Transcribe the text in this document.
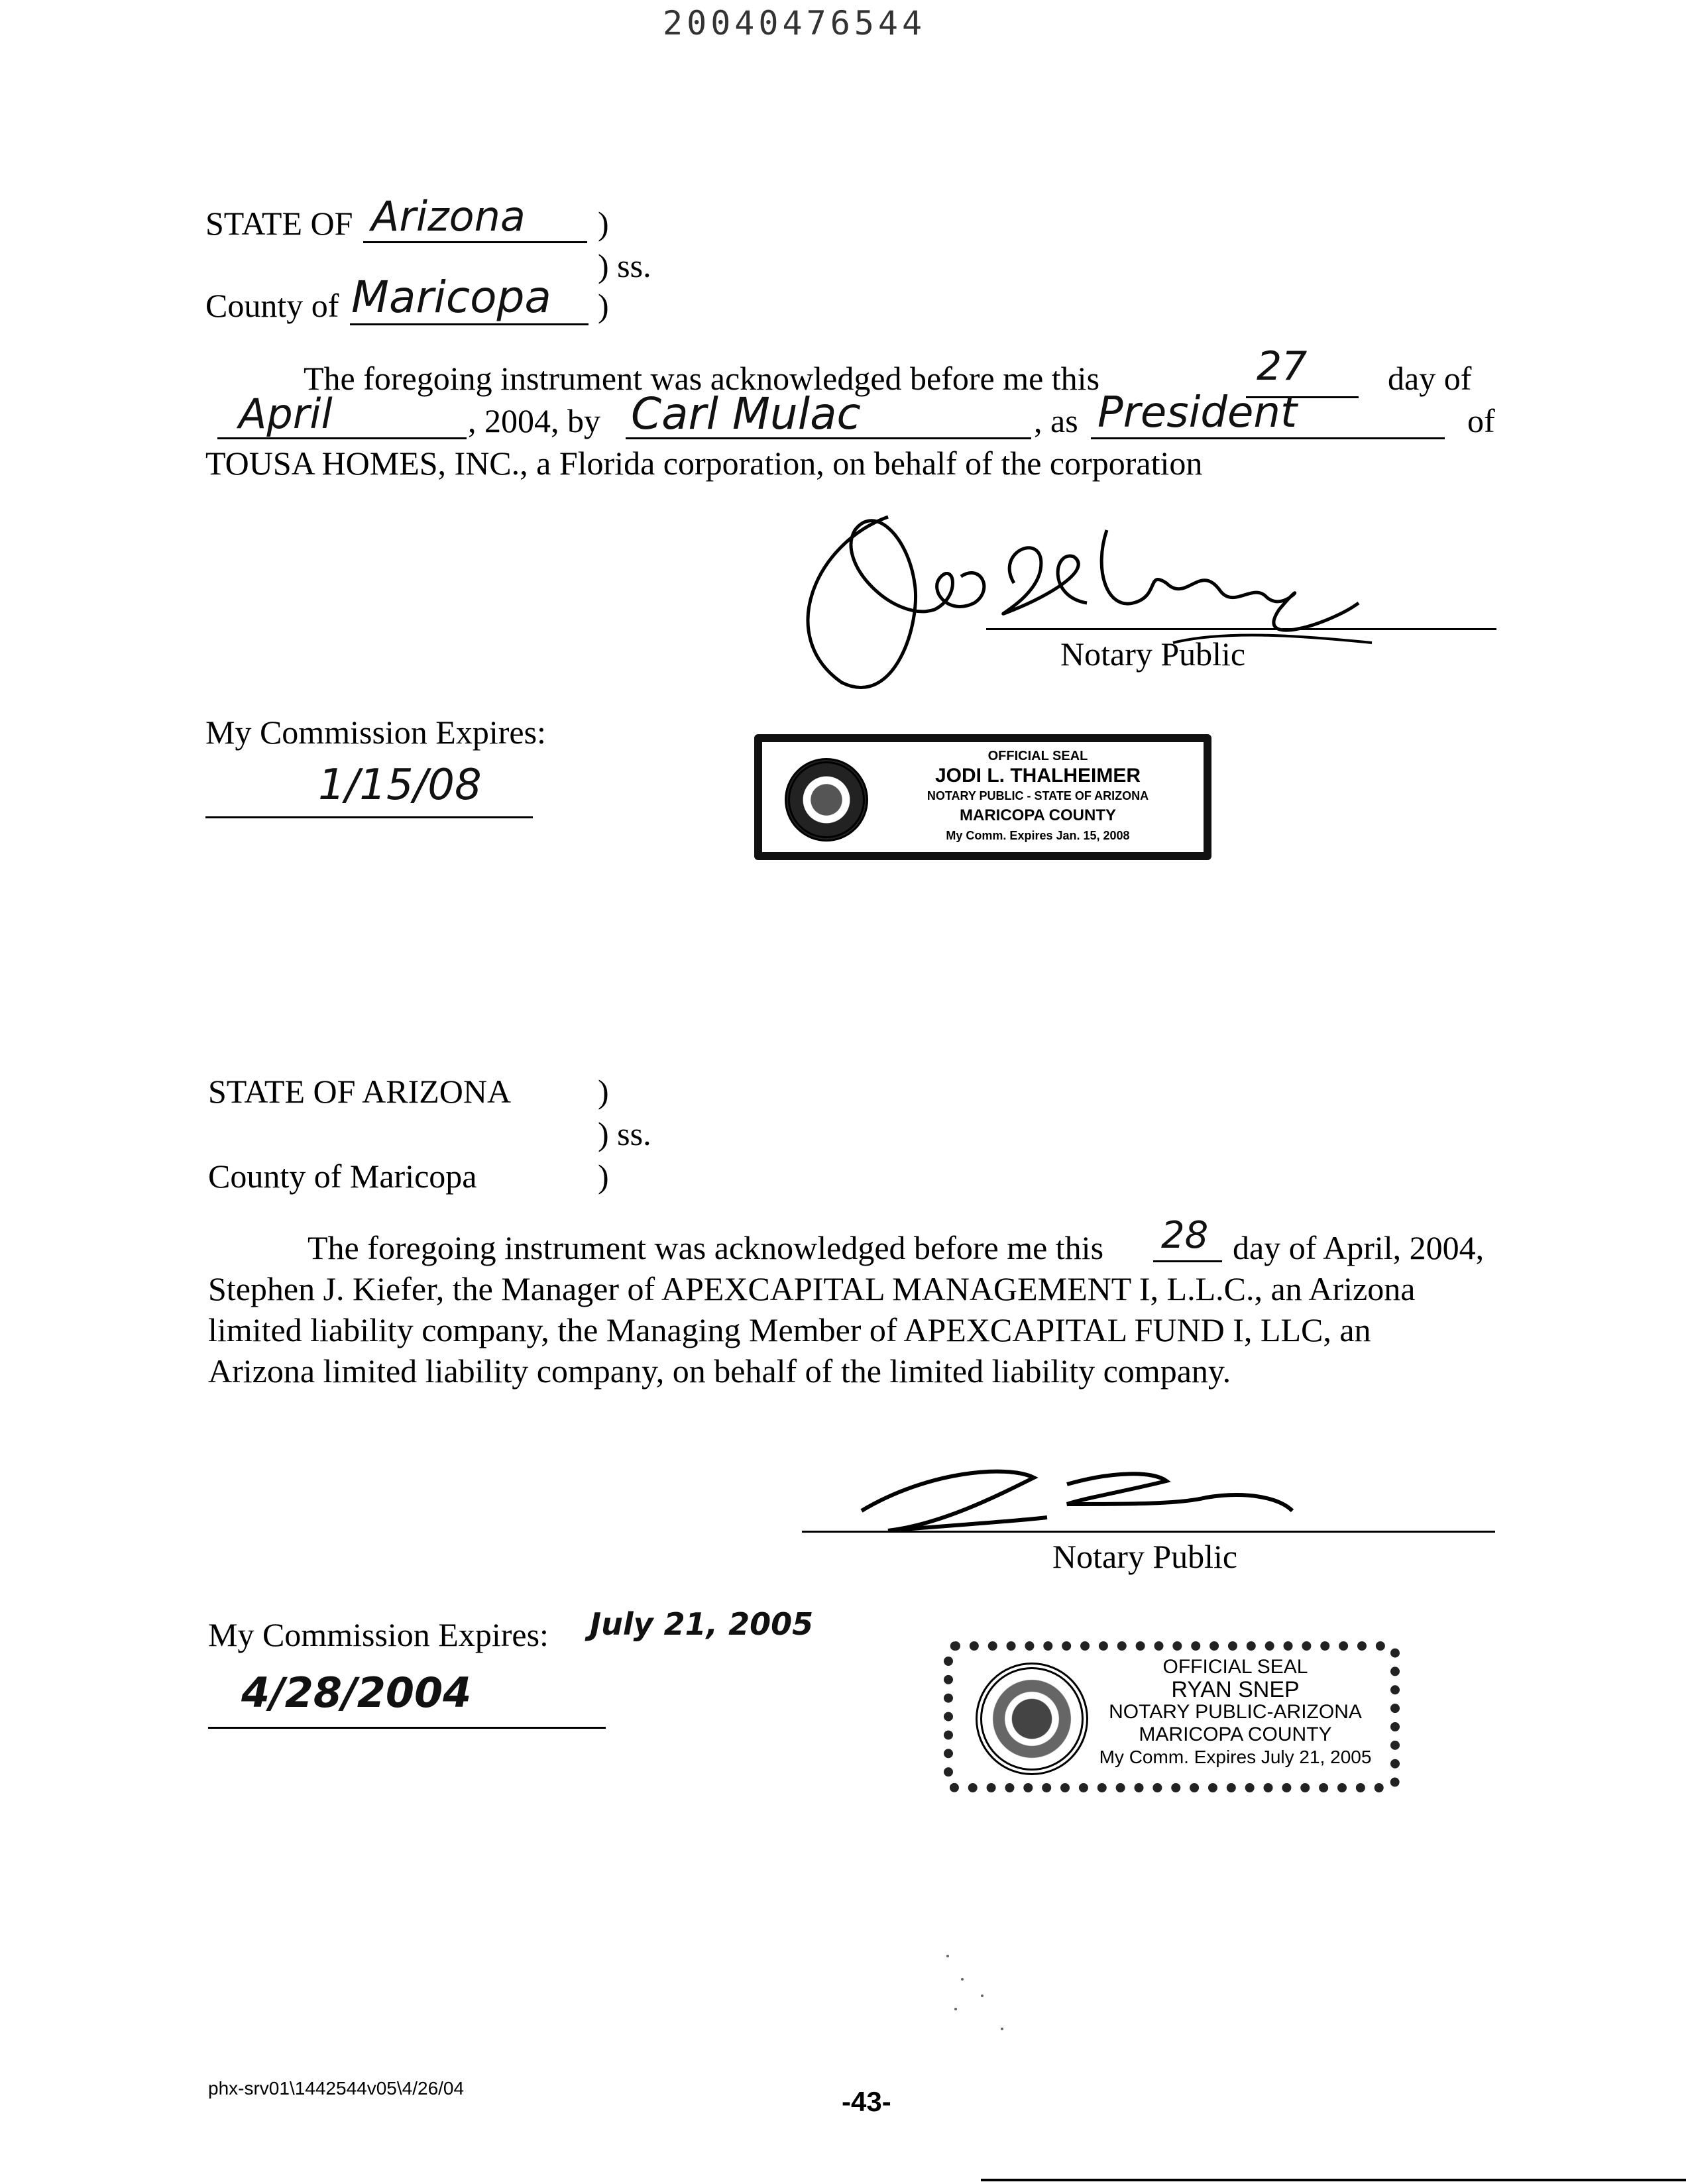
20040476544
STATE OF Arizona )
) ss.
County of Maricopa )
The foregoing instrument was acknowledged before me this	27 day of
April	, 2004, by Carl Mulac	, as President	of
TOUSA HOMES, INC., a Florida corporation, on behalf of the corporation
Notary Public
My Commission Expires:
1/15/08
OFFICIAL SEAL
JODI L. THALHEIMER
NOTARY PUBLIC - STATE OF ARIZONA
MARICOPA COUNTY
My Comm. Expires Jan. 15, 2008
STATE OF ARIZONA	)
) ss.
County of Maricopa	)
The foregoing instrument was acknowledged before me this 28 day of April, 2004,
Stephen J. Kiefer, the Manager of APEXCAPITAL MANAGEMENT I, L.L.C., an Arizona
limited liability company, the Managing Member of APEXCAPITAL FUND I, LLC, an
Arizona limited liability company, on behalf of the limited liability company.
Notary Public
My Commission Expires: July 21, 2005
4/28/2004
OFFICIAL SEAL
RYAN SNEP
NOTARY PUBLIC-ARIZONA
MARICOPA COUNTY
My Comm. Expires July 21, 2005
phx-srv01\1442544v05\4/26/04	-43-
